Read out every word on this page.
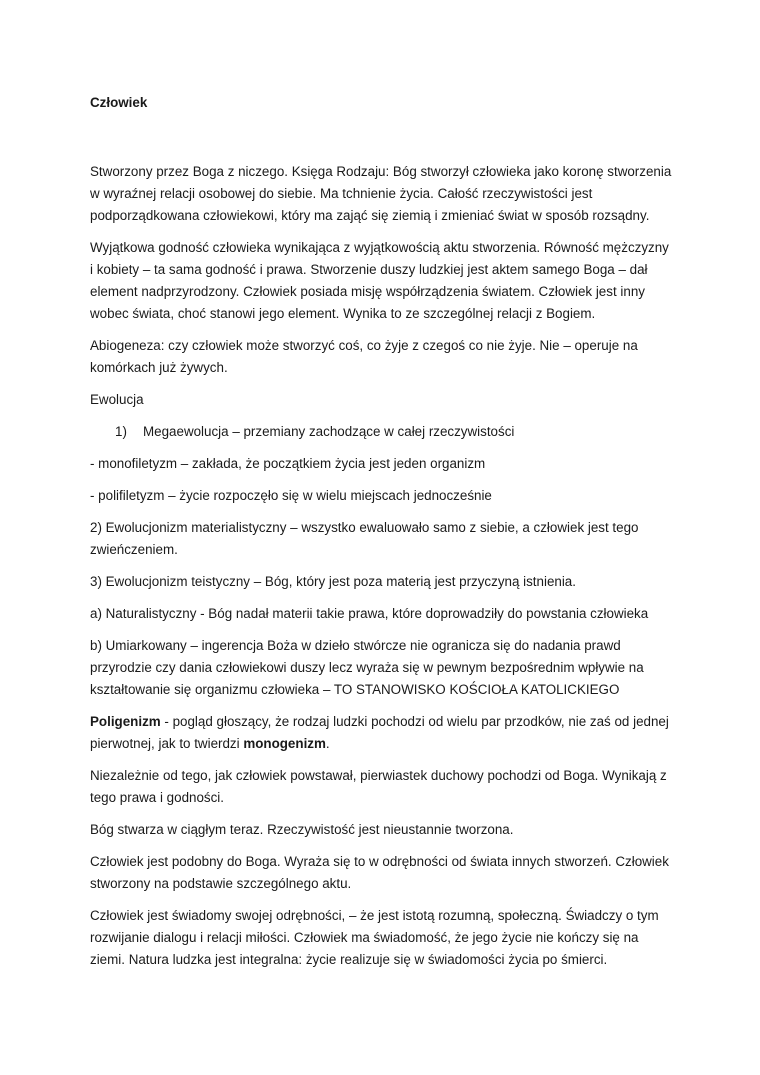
Człowiek

Stworzony przez Boga z niczego. Księga Rodzaju: Bóg stworzył człowieka jako koronę stworzenia w wyraźnej relacji osobowej do siebie. Ma tchnienie życia. Całość rzeczywistości jest podporządkowana człowiekowi, który ma zająć się ziemią i zmieniać świat w sposób rozsądny.

Wyjątkowa godność człowieka wynikająca z wyjątkowością aktu stworzenia. Równość mężczyzny i kobiety – ta sama godność i prawa. Stworzenie duszy ludzkiej jest aktem samego Boga – dał element nadprzyrodzony. Człowiek posiada misję współrządzenia światem. Człowiek jest inny wobec świata, choć stanowi jego element. Wynika to ze szczególnej relacji z Bogiem.

Abiogeneza: czy człowiek może stworzyć coś, co żyje z czegoś co nie żyje. Nie – operuje na komórkach już żywych.

Ewolucja

1) Megaewolucja – przemiany zachodzące w całej rzeczywistości

- monofiletyzm – zakłada, że początkiem życia jest jeden organizm

- polifiletyzm – życie rozpoczęło się w wielu miejscach jednocześnie

2) Ewolucjonizm materialistyczny – wszystko ewaluowało samo z siebie, a człowiek jest tego zwieńczeniem.

3) Ewolucjonizm teistyczny – Bóg, który jest poza materią jest przyczyną istnienia.

a) Naturalistyczny - Bóg nadał materii takie prawa, które doprowadziły do powstania człowieka

b) Umiarkowany – ingerencja Boża w dzieło stwórcze nie ogranicza się do nadania prawd przyrodzie czy dania człowiekowi duszy lecz wyraża się w pewnym bezpośrednim wpływie na kształtowanie się organizmu człowieka – TO STANOWISKO KOŚCIOŁA KATOLICKIEGO

Poligenizm - pogląd głoszący, że rodzaj ludzki pochodzi od wielu par przodków, nie zaś od jednej pierwotnej, jak to twierdzi monogenizm.

Niezależnie od tego, jak człowiek powstawał, pierwiastek duchowy pochodzi od Boga. Wynikają z tego prawa i godności.

Bóg stwarza w ciągłym teraz. Rzeczywistość jest nieustannie tworzona.

Człowiek jest podobny do Boga. Wyraża się to w odrębności od świata innych stworzeń. Człowiek stworzony na podstawie szczególnego aktu.

Człowiek jest świadomy swojej odrębności, – że jest istotą rozumną, społeczną. Świadczy o tym rozwijanie dialogu i relacji miłości. Człowiek ma świadomość, że jego życie nie kończy się na ziemi. Natura ludzka jest integralna: życie realizuje się w świadomości życia po śmierci.
